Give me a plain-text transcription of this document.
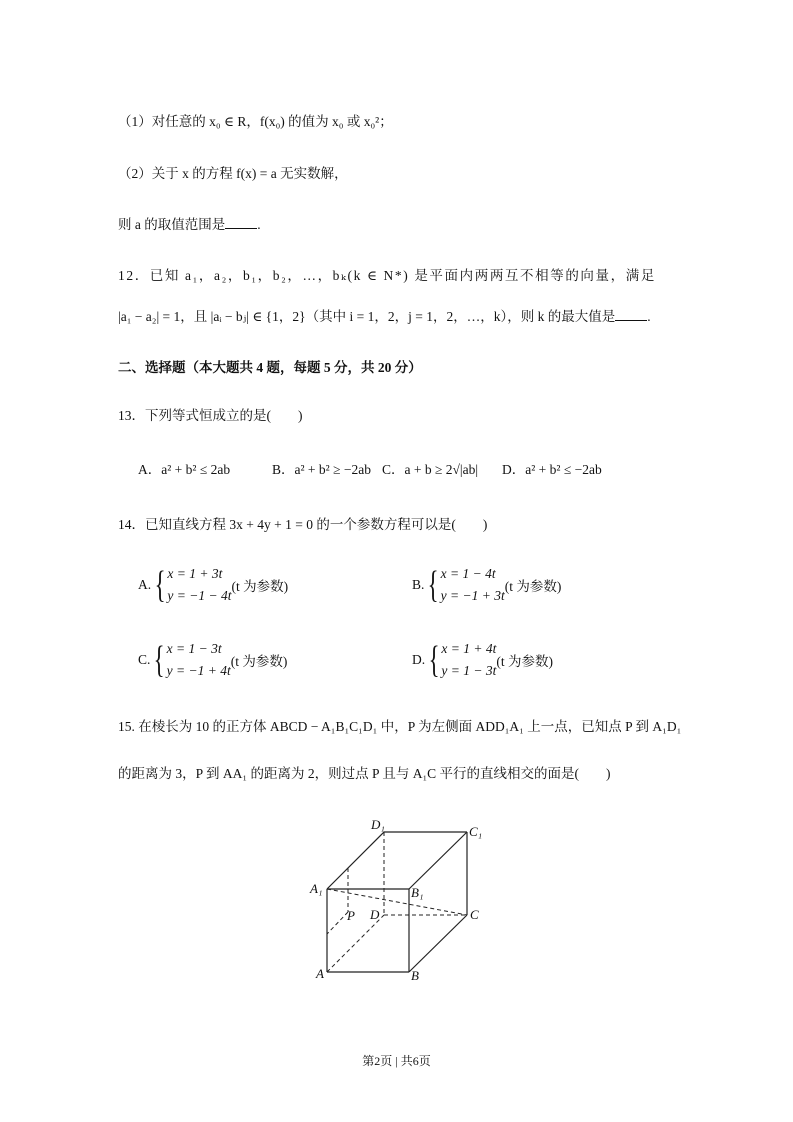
（1）对任意的 x₀ ∈ R，f(x₀) 的值为 x₀ 或 x₀²；
（2）关于 x 的方程 f(x) = a 无实数解，
则 a 的取值范围是 .
12．已知 a₁，a₂，b₁，b₂，…，bₖ(k ∈ N*) 是平面内两两互不相等的向量，满足
|a₁ − a₂| = 1，且 |aᵢ − bⱼ| ∈ {1，2}（其中 i = 1，2，j = 1，2，…，k），则 k 的最大值是 .
二、选择题（本大题共 4 题，每题 5 分，共 20 分）
13．下列等式恒成立的是(　　)
A．a² + b² ≤ 2ab	B．a² + b² ≥ −2ab C．a + b ≥ 2√|ab| D．a² + b² ≤ −2ab
14．已知直线方程 3x + 4y + 1 = 0 的一个参数方程可以是(　　)
A. { x = 1 + 3t
y = −1 − 4t
(t 为参数)	B. { x = 1 − 4t
y = −1 + 3t
(t 为参数)
C. { x = 1 − 3t
y = −1 + 4t
(t 为参数)	D. { x = 1 + 4t
y = 1 − 3t
(t 为参数)
15. 在棱长为 10 的正方体 ABCD − A₁B₁C₁D₁ 中，P 为左侧面 ADD₁A₁ 上一点，已知点 P 到 A₁D₁
的距离为 3，P 到 AA₁ 的距离为 2，则过点 P 且与 A₁C 平行的直线相交的面是(　　)
A	B
C
D
A₁	B₁
C₁
D₁
P
第2页 | 共6页
